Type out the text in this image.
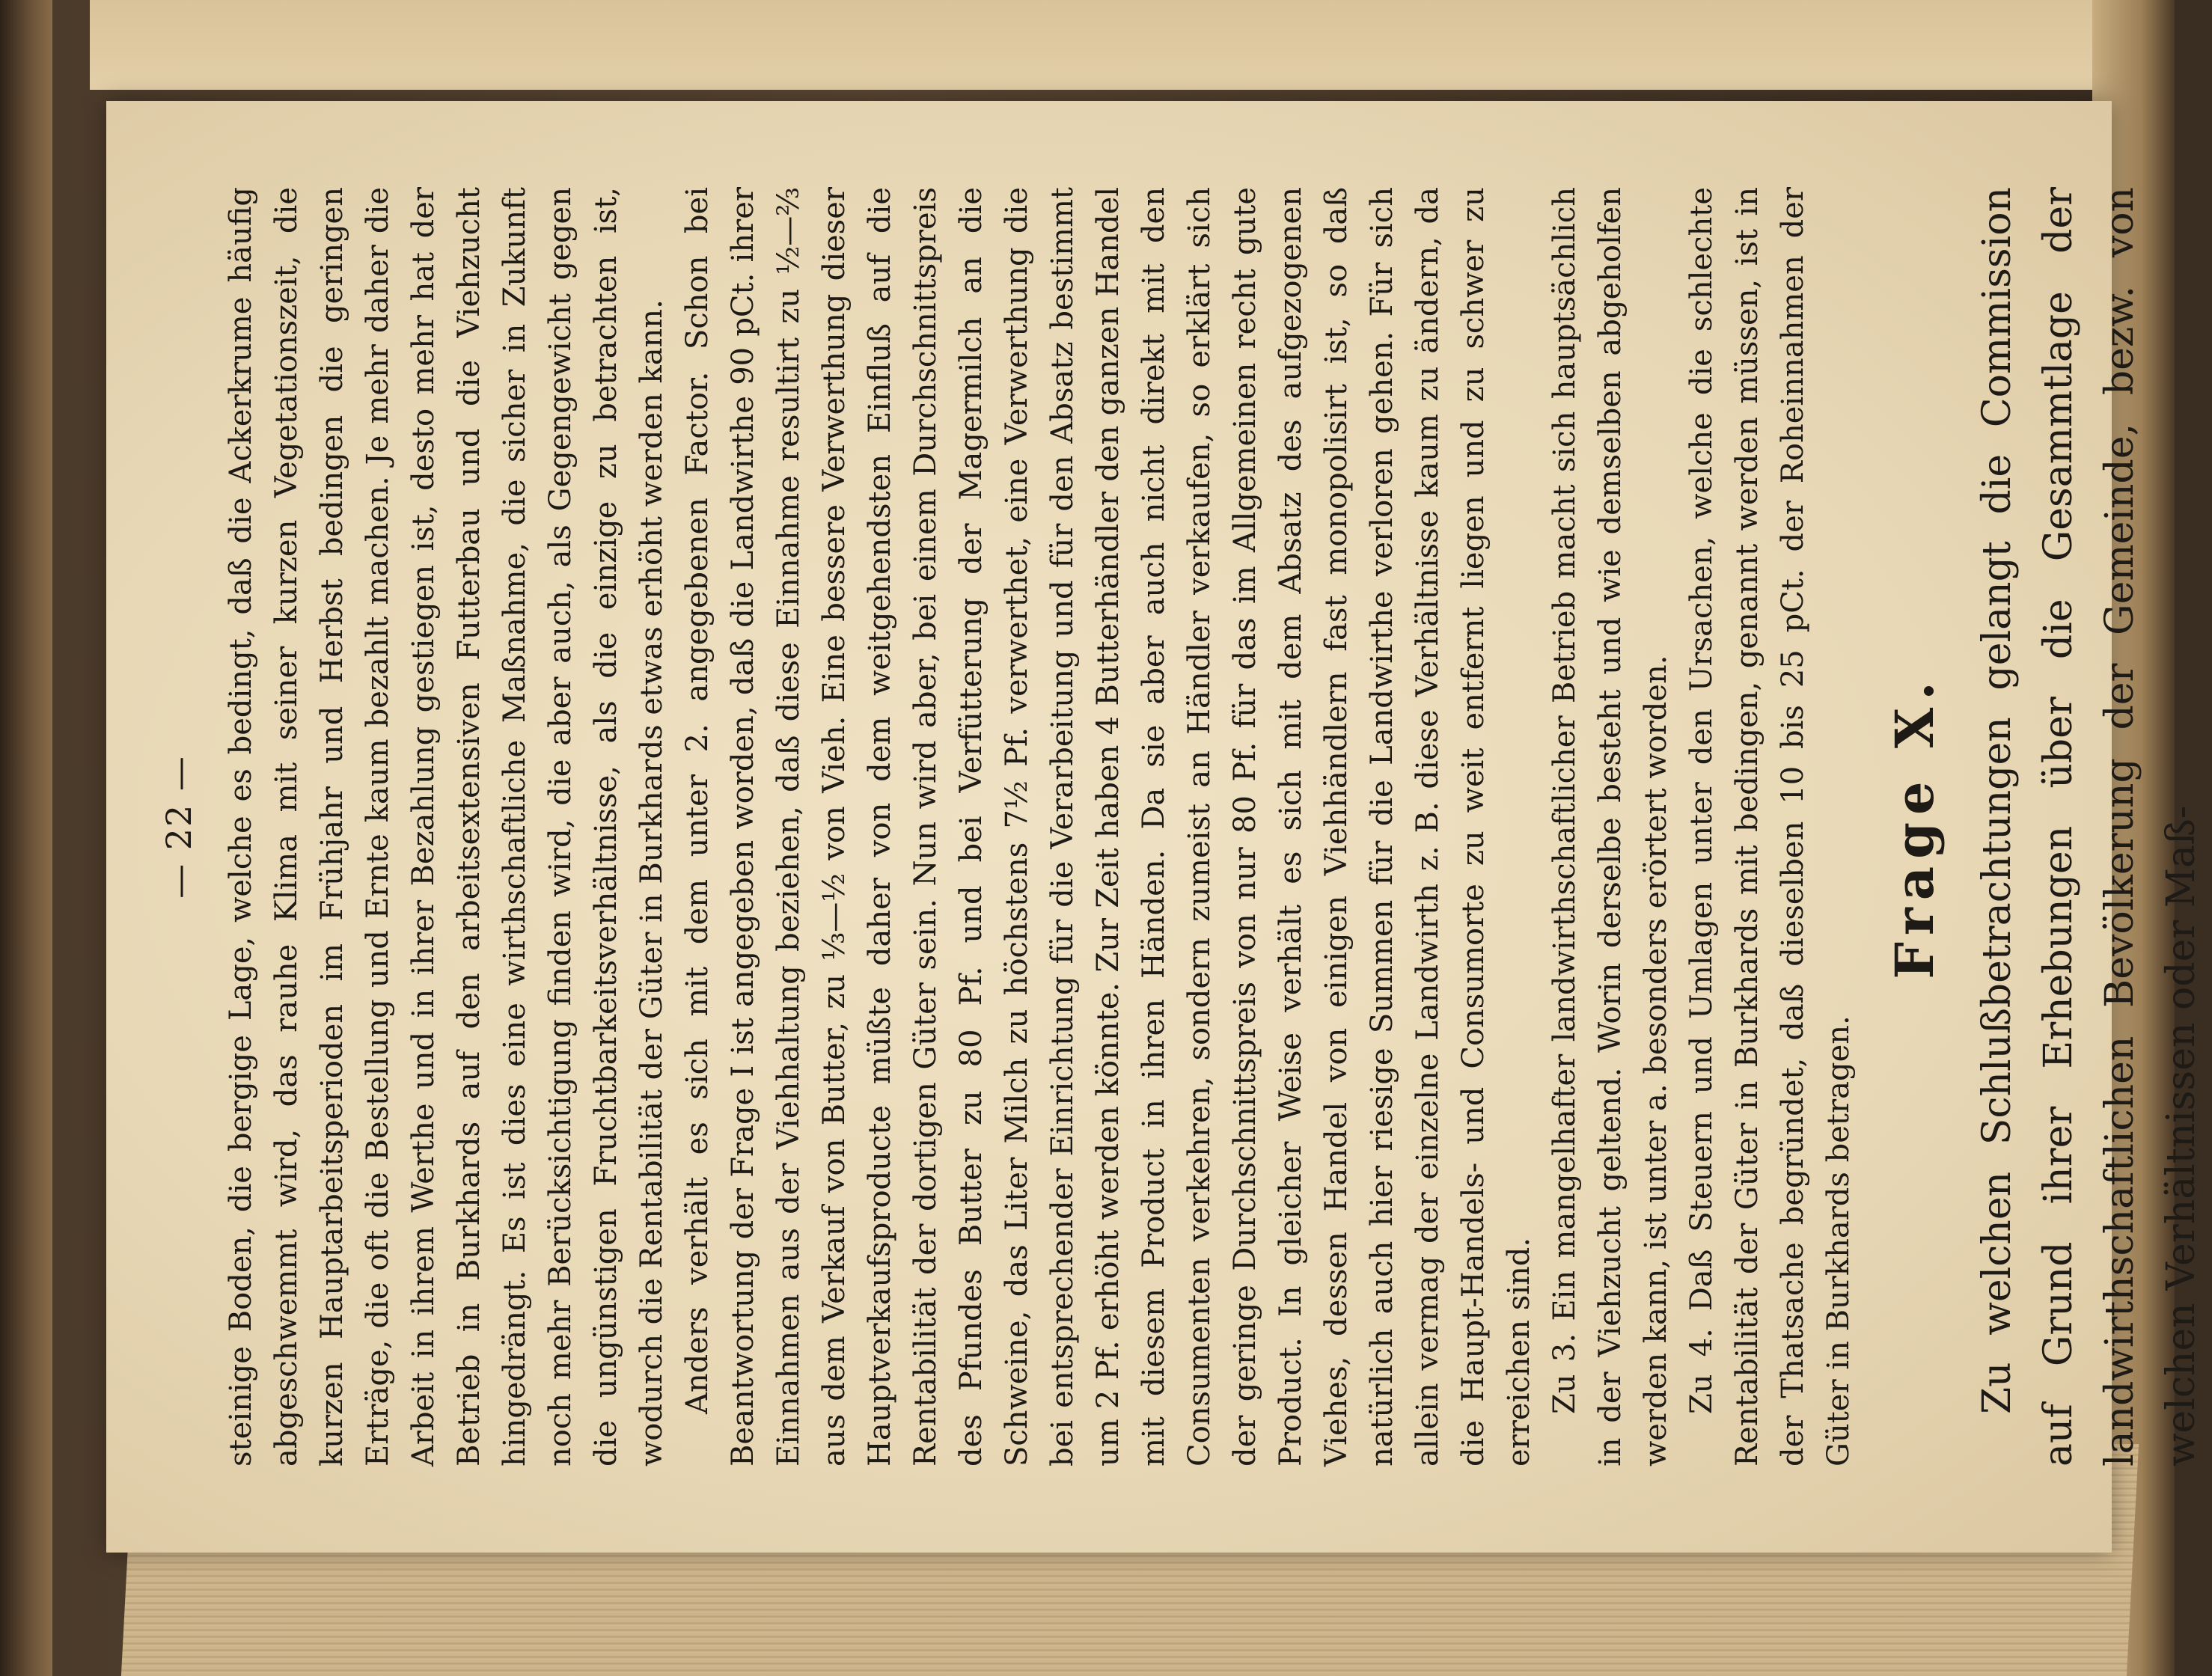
— 22 — steinige Boden, die bergige Lage, welche es bedingt, daß die Ackerkrume häufig abgeschwemmt wird, das rauhe Klima mit seiner kurzen Vegetationszeit, die kurzen Hauptarbeitsperioden im Frühjahr und Herbst bedingen die geringen Erträge, die oft die Bestellung und Ernte kaum bezahlt machen. Je mehr daher die Arbeit in ihrem Werthe und in ihrer Bezahlung gestiegen ist, desto mehr hat der Betrieb in Burkhards auf den arbeitsextensiven Futterbau und die Viehzucht hingedrängt. Es ist dies eine wirthschaftliche Maßnahme, die sicher in Zukunft noch mehr Berücksichtigung finden wird, die aber auch, als Gegengewicht gegen die ungünstigen Fruchtbarkeitsverhältnisse, als die einzige zu betrachten ist, wodurch die Rentabilität der Güter in Burkhards etwas erhöht werden kann. Anders verhält es sich mit dem unter 2. angegebenen Factor. Schon bei Beantwortung der Frage I ist angegeben worden, daß die Landwirthe 90 pCt. ihrer Einnahmen aus der Viehhaltung beziehen, daß diese Einnahme resultirt zu ½—⅔ aus dem Verkauf von Butter, zu ⅓—½ von Vieh. Eine bessere Verwerthung dieser Hauptverkaufsproducte müßte daher von dem weitgehendsten Einfluß auf die Rentabilität der dortigen Güter sein. Nun wird aber, bei einem Durchschnittspreis des Pfundes Butter zu 80 Pf. und bei Verfütterung der Magermilch an die Schweine, das Liter Milch zu höchstens 7½ Pf. verwerthet, eine Verwerthung die bei entsprechender Einrichtung für die Verarbeitung und für den Absatz bestimmt um 2 Pf. erhöht werden könnte. Zur Zeit haben 4 Butterhändler den ganzen Handel mit diesem Product in ihren Händen. Da sie aber auch nicht direkt mit den Consumenten verkehren, sondern zumeist an Händler verkaufen, so erklärt sich der geringe Durchschnittspreis von nur 80 Pf. für das im Allgemeinen recht gute Product. In gleicher Weise verhält es sich mit dem Absatz des aufgezogenen Viehes, dessen Handel von einigen Viehhändlern fast monopolisirt ist, so daß natürlich auch hier riesige Summen für die Landwirthe verloren gehen. Für sich allein vermag der einzelne Landwirth z. B. diese Verhältnisse kaum zu ändern, da die Haupt-Handels- und Consumorte zu weit entfernt liegen und zu schwer zu erreichen sind. Zu 3. Ein mangelhafter landwirthschaftlicher Betrieb macht sich hauptsächlich in der Viehzucht geltend. Worin derselbe besteht und wie demselben abgeholfen werden kann, ist unter a. besonders erörtert worden. Zu 4. Daß Steuern und Umlagen unter den Ursachen, welche die schlechte Rentabilität der Güter in Burkhards mit bedingen, genannt werden müssen, ist in der Thatsache begründet, daß dieselben 10 bis 25 pCt. der Roheinnahmen der Güter in Burkhards betragen.

Frage X. Zu welchen Schlußbetrachtungen gelangt die Commission auf Grund ihrer Erhebungen über die Gesammtlage der landwirthschaftlichen Bevölkerung der Gemeinde, bezw. von welchen Verhältnissen oder Maß-
